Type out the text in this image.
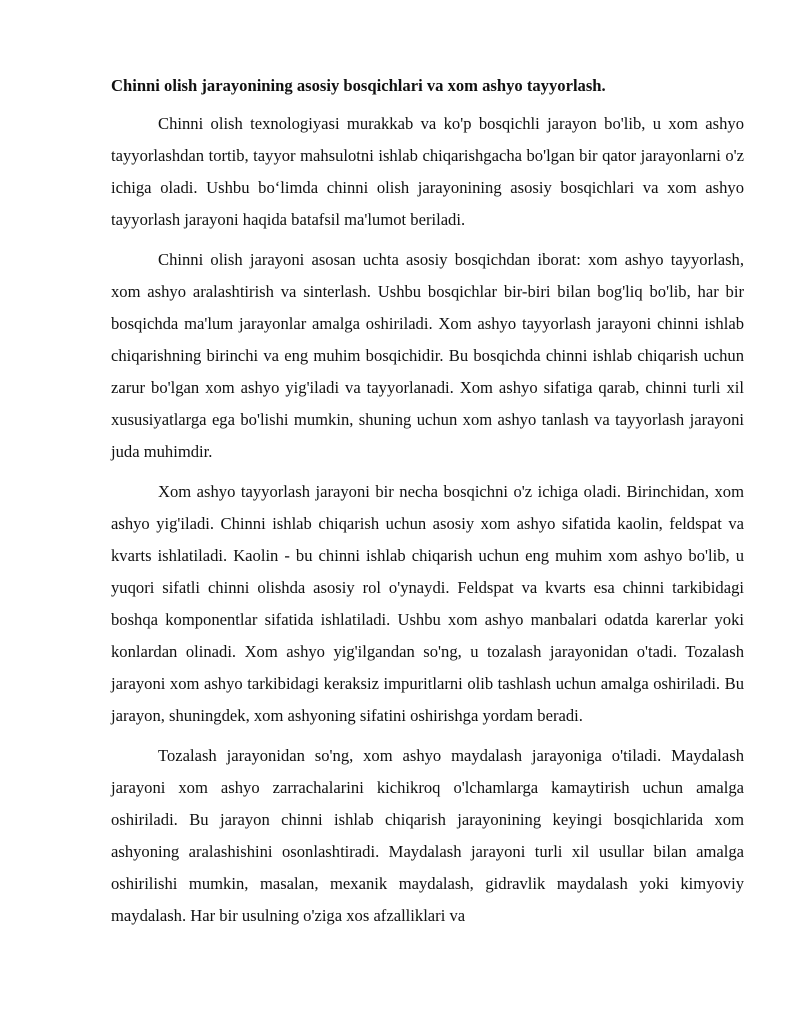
Chinni olish jarayonining asosiy bosqichlari va xom ashyo tayyorlash.

Chinni olish texnologiyasi murakkab va ko'p bosqichli jarayon bo'lib, u xom ashyo tayyorlashdan tortib, tayyor mahsulotni ishlab chiqarishgacha bo'lgan bir qator jarayonlarni o'z ichiga oladi. Ushbu bo‘limda chinni olish jarayonining asosiy bosqichlari va xom ashyo tayyorlash jarayoni haqida batafsil ma'lumot beriladi.

Chinni olish jarayoni asosan uchta asosiy bosqichdan iborat: xom ashyo tayyorlash, xom ashyo aralashtirish va sinterlash. Ushbu bosqichlar bir-biri bilan bog'liq bo'lib, har bir bosqichda ma'lum jarayonlar amalga oshiriladi. Xom ashyo tayyorlash jarayoni chinni ishlab chiqarishning birinchi va eng muhim bosqichidir. Bu bosqichda chinni ishlab chiqarish uchun zarur bo'lgan xom ashyo yig'iladi va tayyorlanadi. Xom ashyo sifatiga qarab, chinni turli xil xususiyatlarga ega bo'lishi mumkin, shuning uchun xom ashyo tanlash va tayyorlash jarayoni juda muhimdir.

Xom ashyo tayyorlash jarayoni bir necha bosqichni o'z ichiga oladi. Birinchidan, xom ashyo yig'iladi. Chinni ishlab chiqarish uchun asosiy xom ashyo sifatida kaolin, feldspat va kvarts ishlatiladi. Kaolin - bu chinni ishlab chiqarish uchun eng muhim xom ashyo bo'lib, u yuqori sifatli chinni olishda asosiy rol o'ynaydi. Feldspat va kvarts esa chinni tarkibidagi boshqa komponentlar sifatida ishlatiladi. Ushbu xom ashyo manbalari odatda karerlar yoki konlardan olinadi. Xom ashyo yig'ilgandan so'ng, u tozalash jarayonidan o'tadi. Tozalash jarayoni xom ashyo tarkibidagi keraksiz impuritlarni olib tashlash uchun amalga oshiriladi. Bu jarayon, shuningdek, xom ashyoning sifatini oshirishga yordam beradi.

Tozalash jarayonidan so'ng, xom ashyo maydalash jarayoniga o'tiladi. Maydalash jarayoni xom ashyo zarrachalarini kichikroq o'lchamlarga kamaytirish uchun amalga oshiriladi. Bu jarayon chinni ishlab chiqarish jarayonining keyingi bosqichlarida xom ashyoning aralashishini osonlashtiradi. Maydalash jarayoni turli xil usullar bilan amalga oshirilishi mumkin, masalan, mexanik maydalash, gidravlik maydalash yoki kimyoviy maydalash. Har bir usulning o'ziga xos afzalliklari va
